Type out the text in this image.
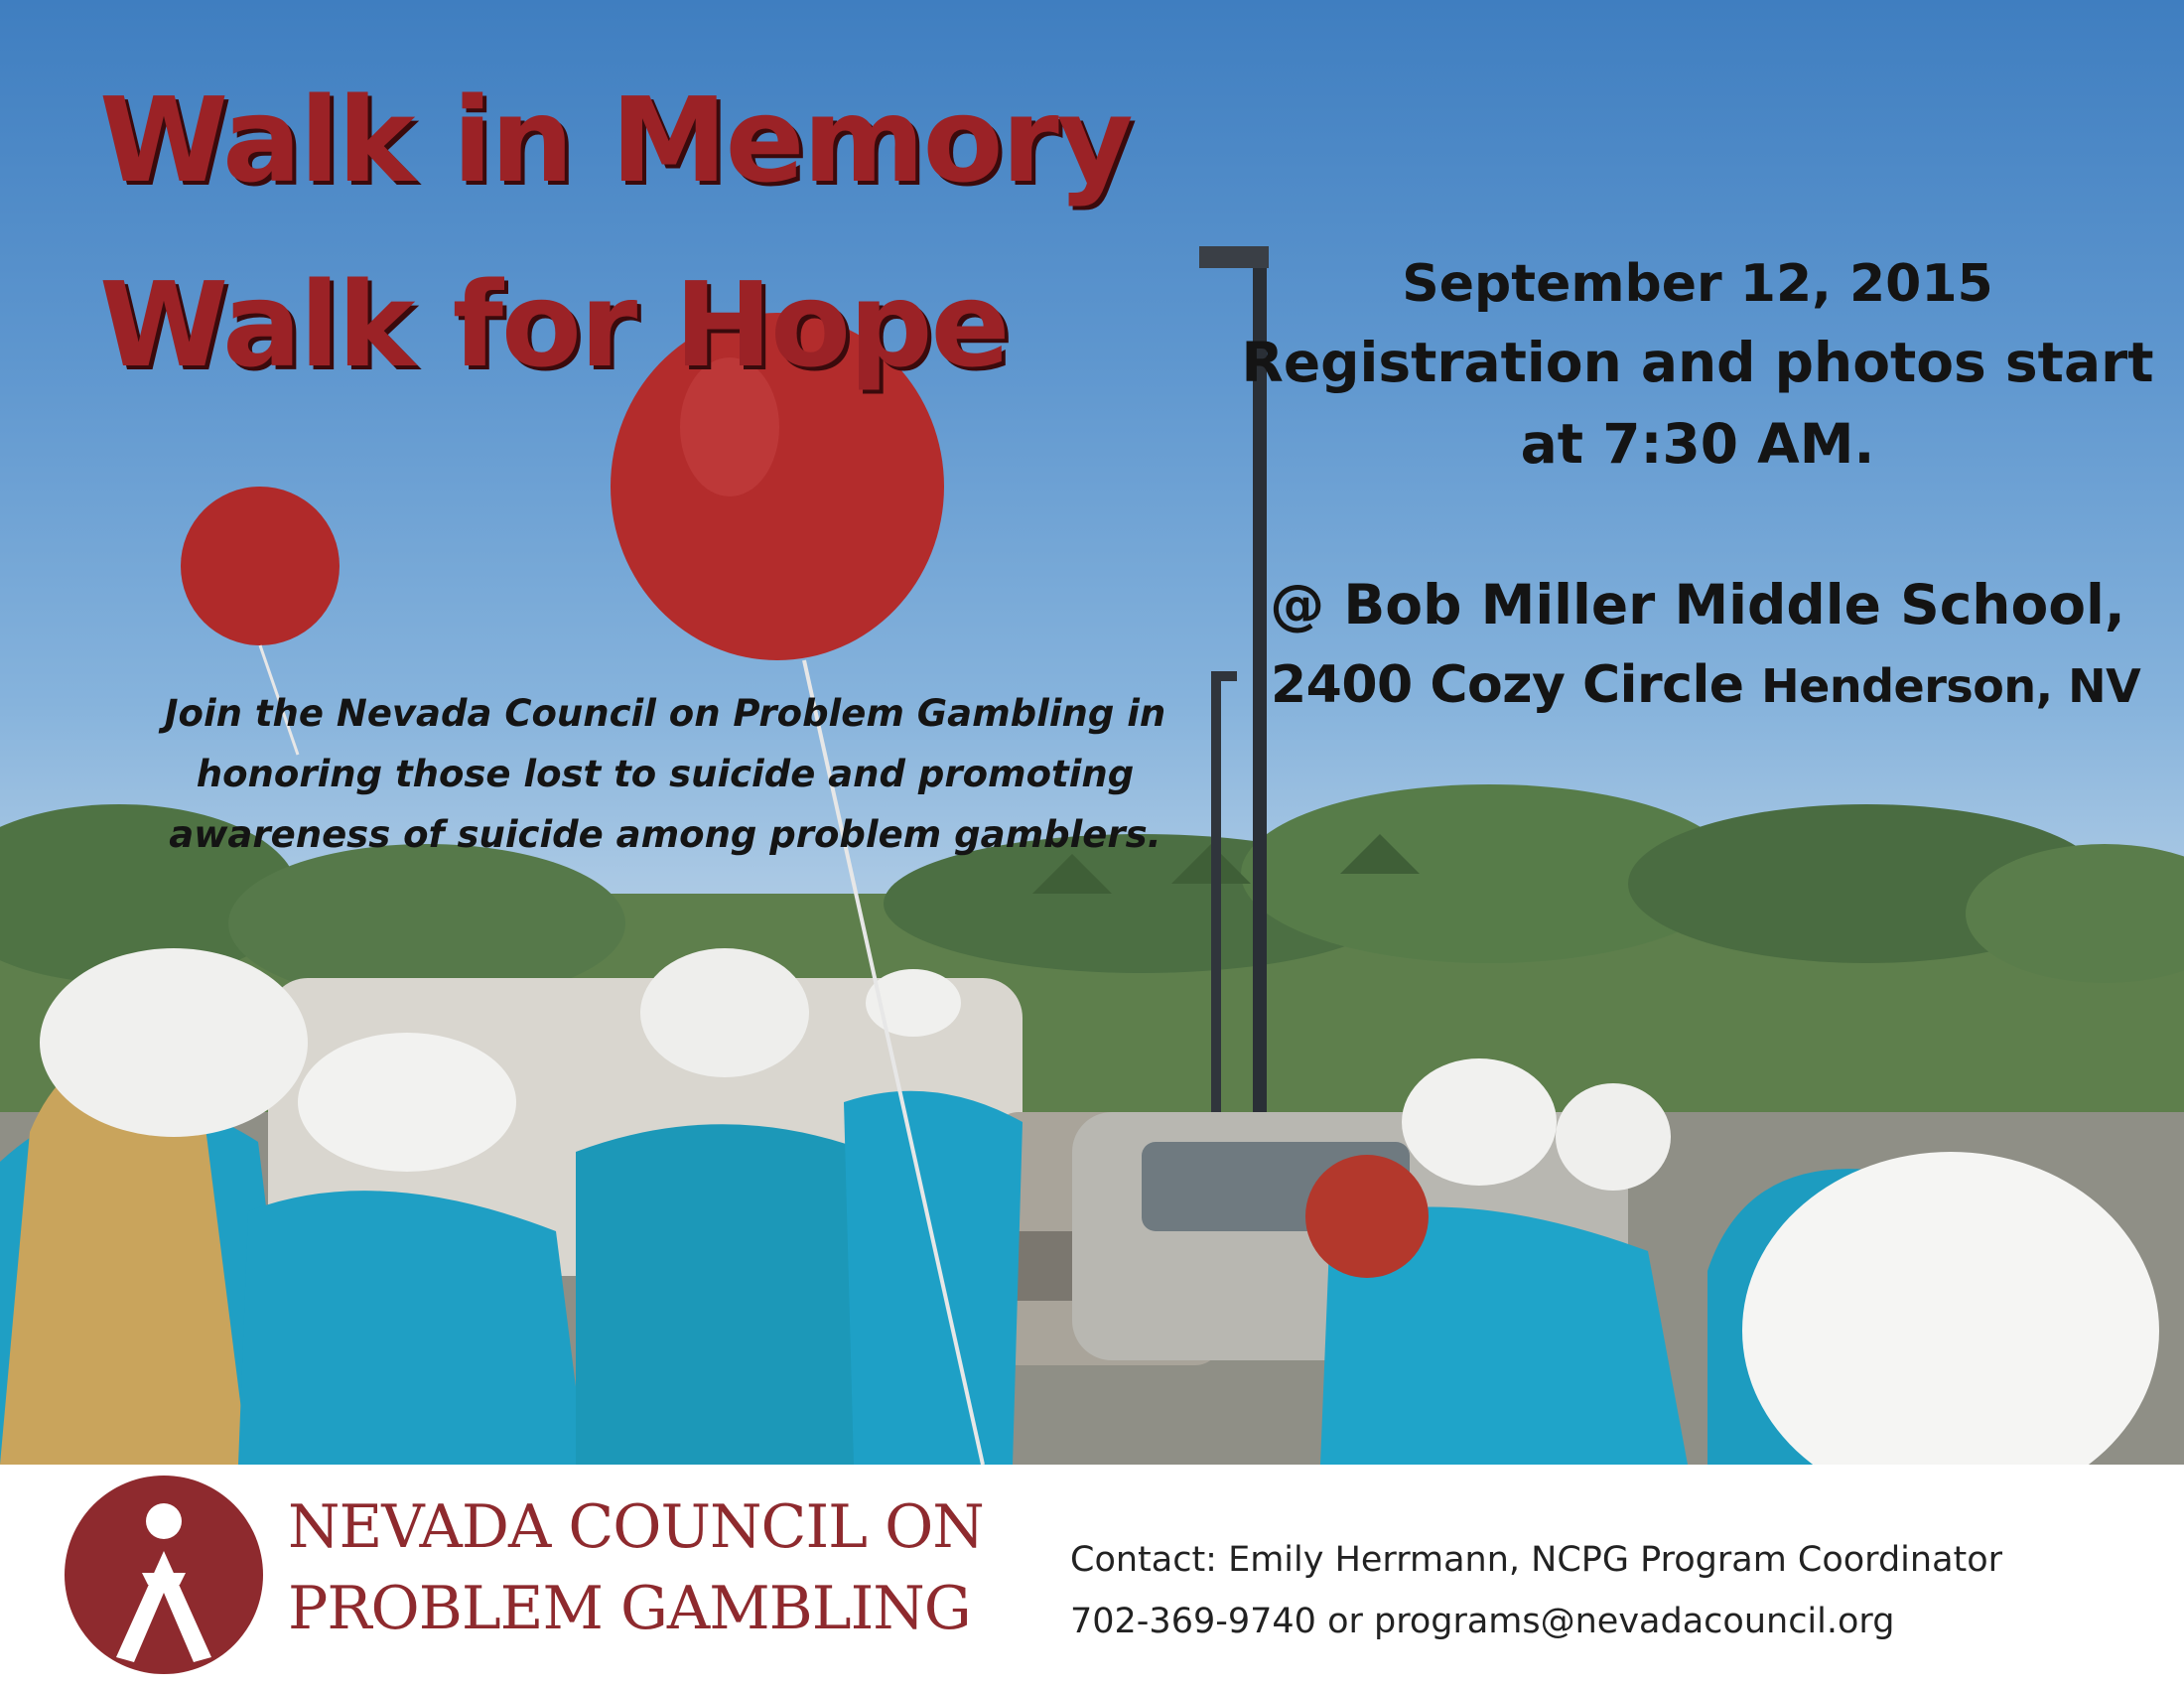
Walk in Memory
Walk for Hope	September 12, 2015
Registration and photos start
at 7:30 AM.
@ Bob Miller Middle School,
2400 Cozy Circle Henderson, NV
Join the Nevada Council on Problem Gambling in
honoring those lost to suicide and promoting
awareness of suicide among problem gamblers.
NEVADA COUNCIL ON
PROBLEM GAMBLING
Contact: Emily Herrmann, NCPG Program Coordinator
702-369-9740 or programs@nevadacouncil.org
